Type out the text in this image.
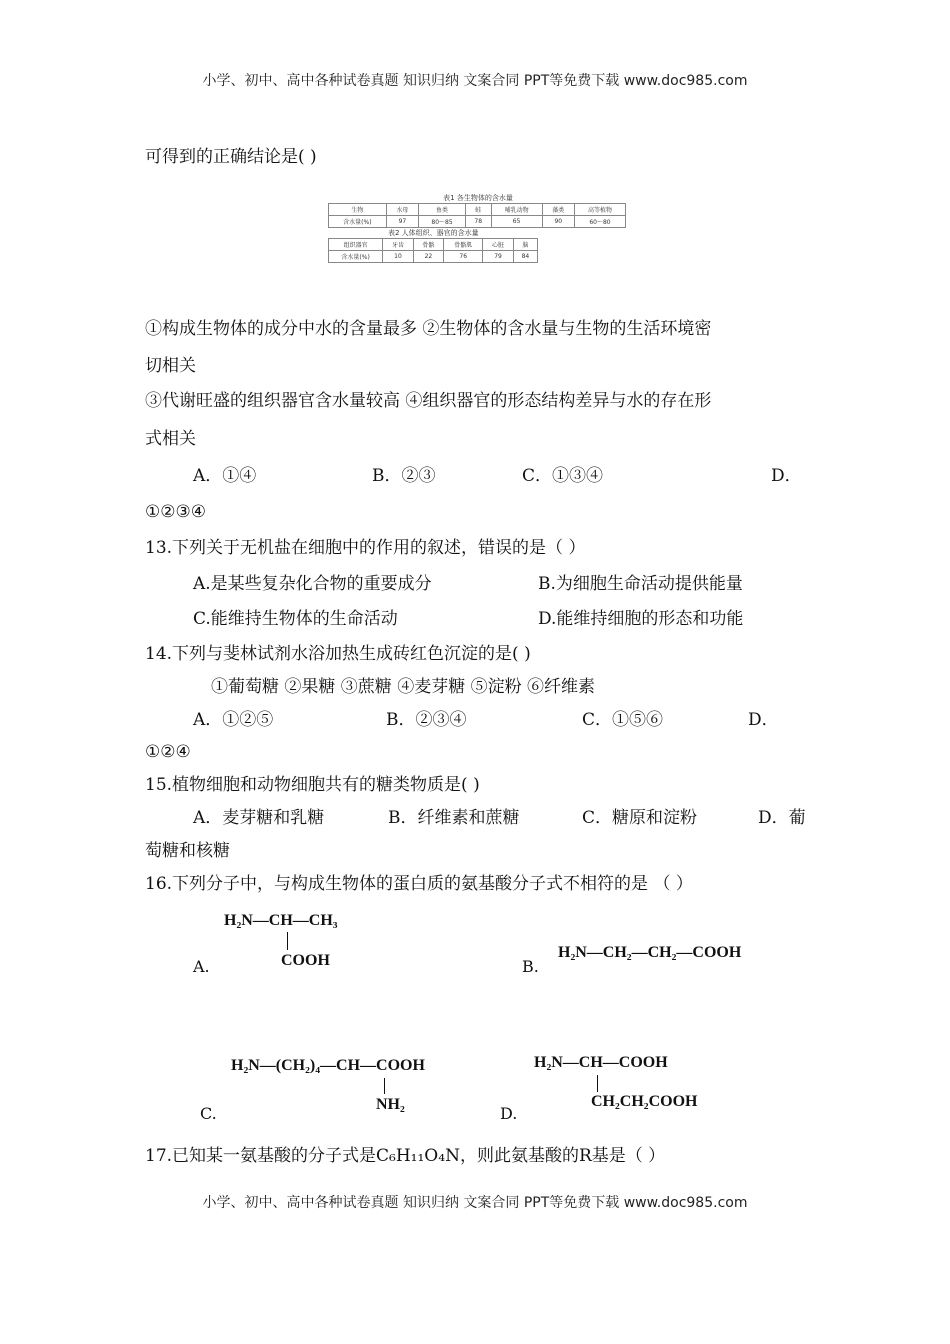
小学、初中、高中各种试卷真题 知识归纳 文案合同 PPT等免费下载 www.doc985.com
可得到的正确结论是( )
表1 各生物体的含水量
生物	水母	鱼类	蛙	哺乳动物	藻类	高等植物
含水量(%)	97	80～85	78	65	90	60～80
表2 人体组织、器官的含水量
组织器官	牙齿	骨骼	骨骼肌	心脏	脑
含水量(%)	10	22	76	79	84
①构成生物体的成分中水的含量最多 ②生物体的含水量与生物的生活环境密
切相关
③代谢旺盛的组织器官含水量较高 ④组织器官的形态结构差异与水的存在形
式相关
A．①④	B．②③	C．①③④	D．
①②③④
13.下列关于无机盐在细胞中的作用的叙述，错误的是（ ）
A.是某些复杂化合物的重要成分	B.为细胞生命活动提供能量
C.能维持生物体的生命活动	D.能维持细胞的形态和功能
14.下列与斐林试剂水浴加热生成砖红色沉淀的是( )
①葡萄糖 ②果糖 ③蔗糖 ④麦芽糖 ⑤淀粉 ⑥纤维素
A．①②⑤	B．②③④	C．①⑤⑥	D．
①②④
15.植物细胞和动物细胞共有的糖类物质是( )
A．麦芽糖和乳糖	B．纤维素和蔗糖	C．糖原和淀粉	D．葡
萄糖和核糖
16.下列分子中，与构成生物体的蛋白质的氨基酸分子式不相符的是 （ ）
A.
H₂N—CH—CH₃
COOH	B.
H₂N—CH₂—CH₂—COOH
C.
H₂N—(CH₂)₄—CH—COOH
NH₂	D.
H₂N—CH—COOH
CH₂CH₂COOH
17.已知某一氨基酸的分子式是C₆H₁₁O₄N，则此氨基酸的R基是（ ）
小学、初中、高中各种试卷真题 知识归纳 文案合同 PPT等免费下载 www.doc985.com
